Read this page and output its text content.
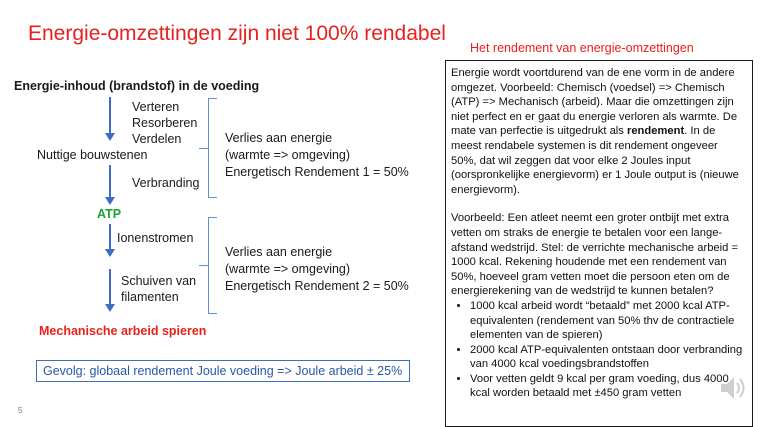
Energie-omzettingen zijn niet 100% rendabel
Het rendement van energie-omzettingen
Energie-inhoud (brandstof) in de voeding
Verteren
Resorberen
Verdelen
Nuttige bouwstenen
Verbranding
ATP
Ionenstromen
Schuiven van
filamenten
Mechanische arbeid spieren
Verlies aan energie
(warmte => omgeving)
Energetisch Rendement 1 = 50%
Verlies aan energie
(warmte => omgeving)
Energetisch Rendement 2 = 50%
Gevolg: globaal rendement Joule voeding => Joule arbeid ± 25%
5

Energie wordt voortdurend van de ene vorm in de andere omgezet. Voorbeeld: Chemisch (voedsel) => Chemisch (ATP) => Mechanisch (arbeid). Maar die omzettingen zijn niet perfect en er gaat du energie verloren als warmte. De mate van perfectie is uitgedrukt als rendement. In de meest rendabele systemen is dit rendement ongeveer 50%, dat wil zeggen dat voor elke 2 Joules input (oorspronkelijke energievorm) er 1 Joule output is (nieuwe energievorm).

Voorbeeld: Een atleet neemt een groter ontbijt met extra vetten om straks de energie te betalen voor een lange-afstand wedstrijd. Stel: de verrichte mechanische arbeid = 1000 kcal. Rekening houdende met een rendement van 50%, hoeveel gram vetten moet die persoon eten om de energierekening van de wedstrijd te kunnen betalen?

• 1000 kcal arbeid wordt “betaald” met 2000 kcal ATP-equivalenten (rendement van 50% thv de contractiele elementen van de spieren)
• 2000 kcal ATP-equivalenten ontstaan door verbranding van 4000 kcal voedingsbrandstoffen
• Voor vetten geldt 9 kcal per gram voeding, dus 4000 kcal worden betaald met ±450 gram vetten
